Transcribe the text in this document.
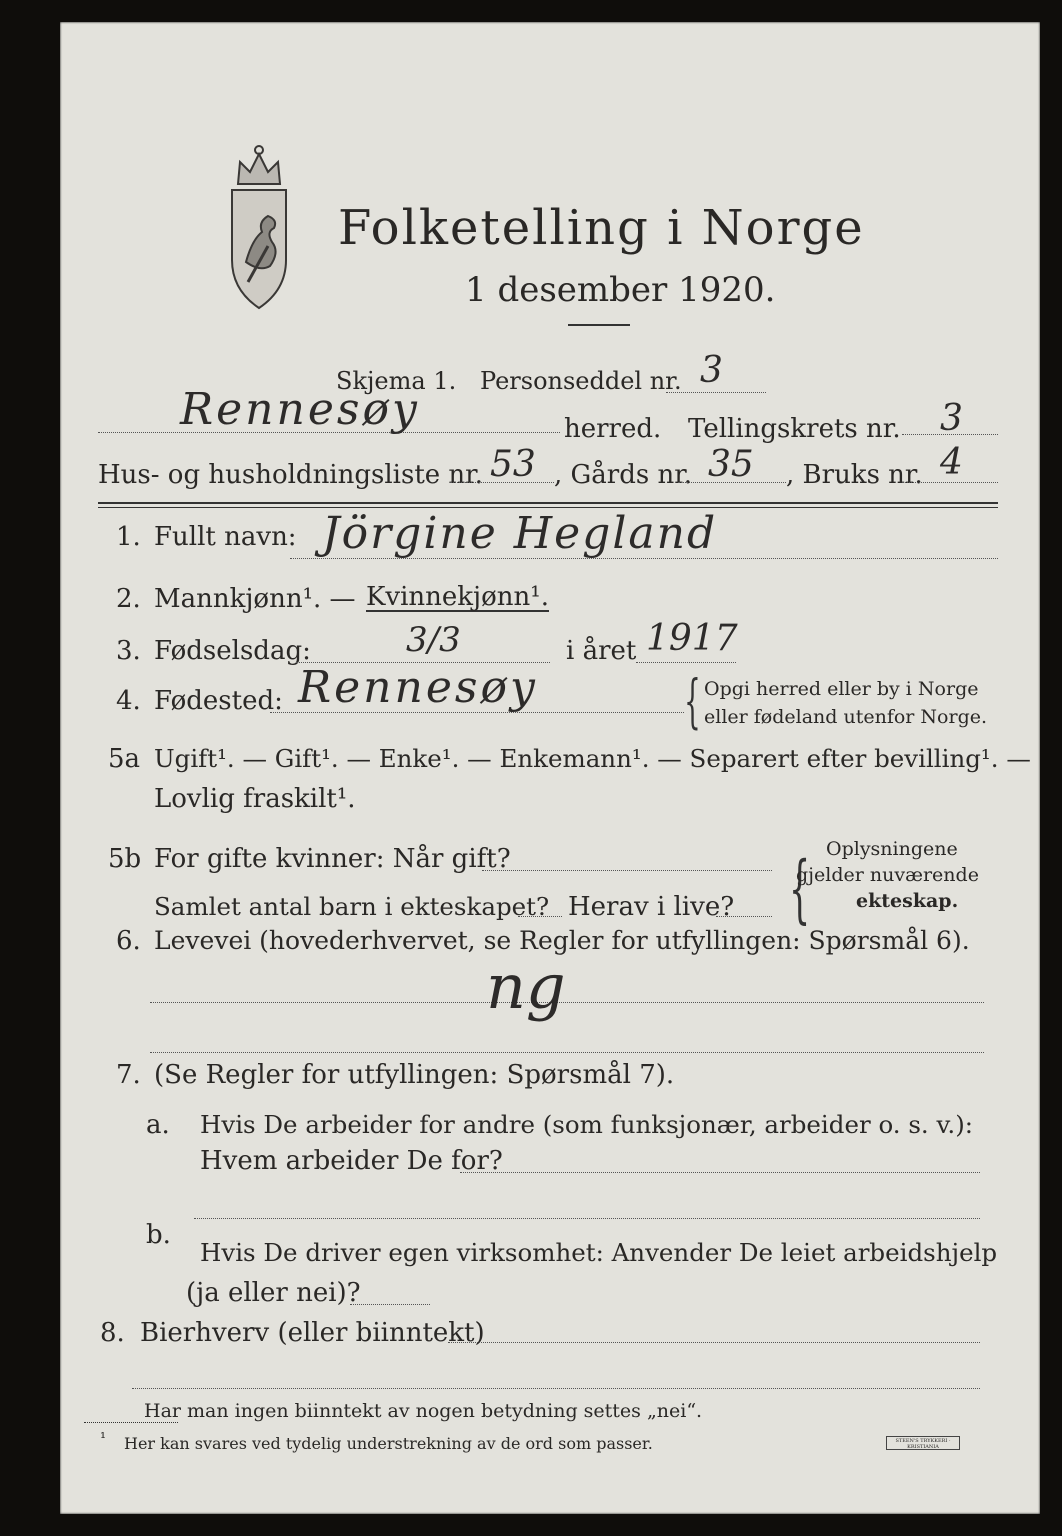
Folketelling i Norge
1 desember 1920.
Skjema 1. Personseddel nr. 3
Rennesøy	herred. Tellingskrets nr. 3
Hus- og husholdningsliste nr. 53 , Gårds nr. 35 , Bruks nr. 4
1. Fullt navn: Jörgine Hegland
2. Mannkjønn¹. — Kvinnekjønn¹.
3. Fødselsdag:	3/3	i året 1917
4. Fødested: Rennesøy	{ Opgi herred eller by i Norge
eller fødeland utenfor Norge.
5a Ugift¹. — Gift¹. — Enke¹. — Enkemann¹. — Separert efter bevilling¹. —
Lovlig fraskilt¹.
5b For gifte kvinner: Når gift?
Samlet antal barn i ekteskapet? Herav i live? { Oplysningene
gjelder nuværende
ekteskap.
6. Levevei (hovederhvervet, se Regler for utfyllingen: Spørsmål 6).
ng
7. (Se Regler for utfyllingen: Spørsmål 7).
a. Hvis De arbeider for andre (som funksjonær, arbeider o. s. v.):
Hvem arbeider De for?
b.
Hvis De driver egen virksomhet: Anvender De leiet arbeidshjelp
(ja eller nei)?
8. Bierhverv (eller biinntekt)
Har man ingen biinntekt av nogen betydning settes „nei“.
¹ Her kan svares ved tydelig understrekning av de ord som passer.	STEEN'S TRYKKERI · KRISTIANIA
